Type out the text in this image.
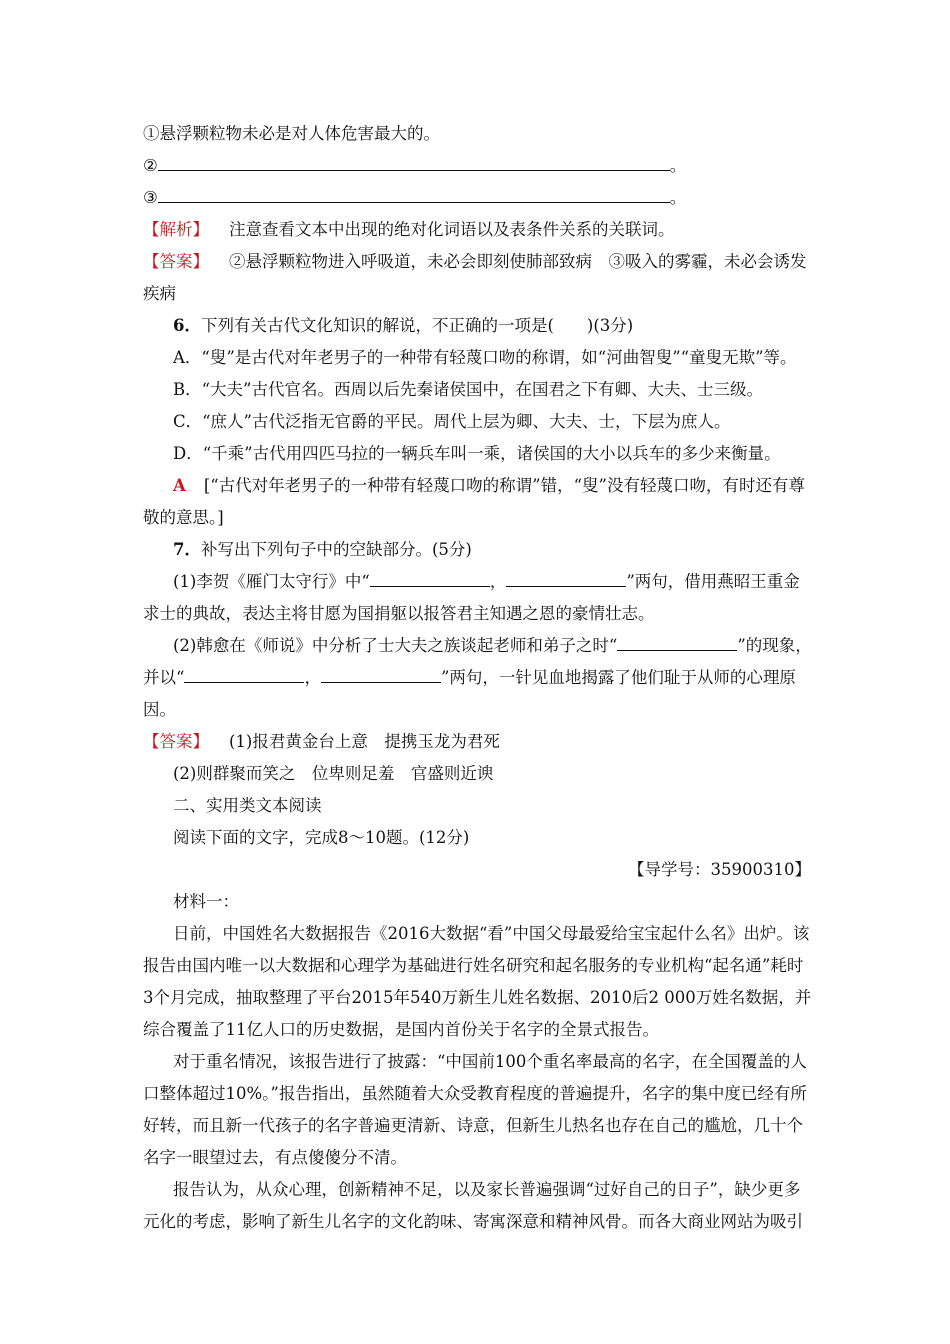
①悬浮颗粒物未必是对人体危害最大的。
②	。
③	。
【解析】 注意查看文本中出现的绝对化词语以及表条件关系的关联词。
【答案】 ②悬浮颗粒物进入呼吸道，未必会即刻使肺部致病　③吸入的雾霾，未必会诱发疾病
6．下列有关古代文化知识的解说，不正确的一项是(　　)(3分)
A．“叟”是古代对年老男子的一种带有轻蔑口吻的称谓，如“河曲智叟”“童叟无欺”等。
B．“大夫”古代官名。西周以后先秦诸侯国中，在国君之下有卿、大夫、士三级。
C．“庶人”古代泛指无官爵的平民。周代上层为卿、大夫、士，下层为庶人。
D．“千乘”古代用四匹马拉的一辆兵车叫一乘，诸侯国的大小以兵车的多少来衡量。
A [“古代对年老男子的一种带有轻蔑口吻的称谓”错，“叟”没有轻蔑口吻，有时还有尊敬的意思。]
7．补写出下列句子中的空缺部分。(5分)
(1)李贺《雁门太守行》中“	，	”两句，借用燕昭王重金求士的典故，表达主将甘愿为国捐躯以报答君主知遇之恩的豪情壮志。
(2)韩愈在《师说》中分析了士大夫之族谈起老师和弟子之时“	”的现象，并以“	，	”两句，一针见血地揭露了他们耻于从师的心理原因。
【答案】 (1)报君黄金台上意　提携玉龙为君死
(2)则群聚而笑之　位卑则足羞　官盛则近谀
二、实用类文本阅读
阅读下面的文字，完成8～10题。(12分)
【导学号：35900310】
材料一：
日前，中国姓名大数据报告《2016大数据“看”中国父母最爱给宝宝起什么名》出炉。该报告由国内唯一以大数据和心理学为基础进行姓名研究和起名服务的专业机构“起名通”耗时3个月完成，抽取整理了平台2015年540万新生儿姓名数据、2010后2 000万姓名数据，并综合覆盖了11亿人口的历史数据，是国内首份关于名字的全景式报告。
对于重名情况，该报告进行了披露：“中国前100个重名率最高的名字，在全国覆盖的人口整体超过10%。”报告指出，虽然随着大众受教育程度的普遍提升，名字的集中度已经有所好转，而且新一代孩子的名字普遍更清新、诗意，但新生儿热名也存在自己的尴尬，几十个名字一眼望过去，有点傻傻分不清。
报告认为，从众心理，创新精神不足，以及家长普遍强调“过好自己的日子”，缺少更多元化的考虑，影响了新生儿名字的文化韵味、寄寓深意和精神风骨。而各大商业网站为吸引
